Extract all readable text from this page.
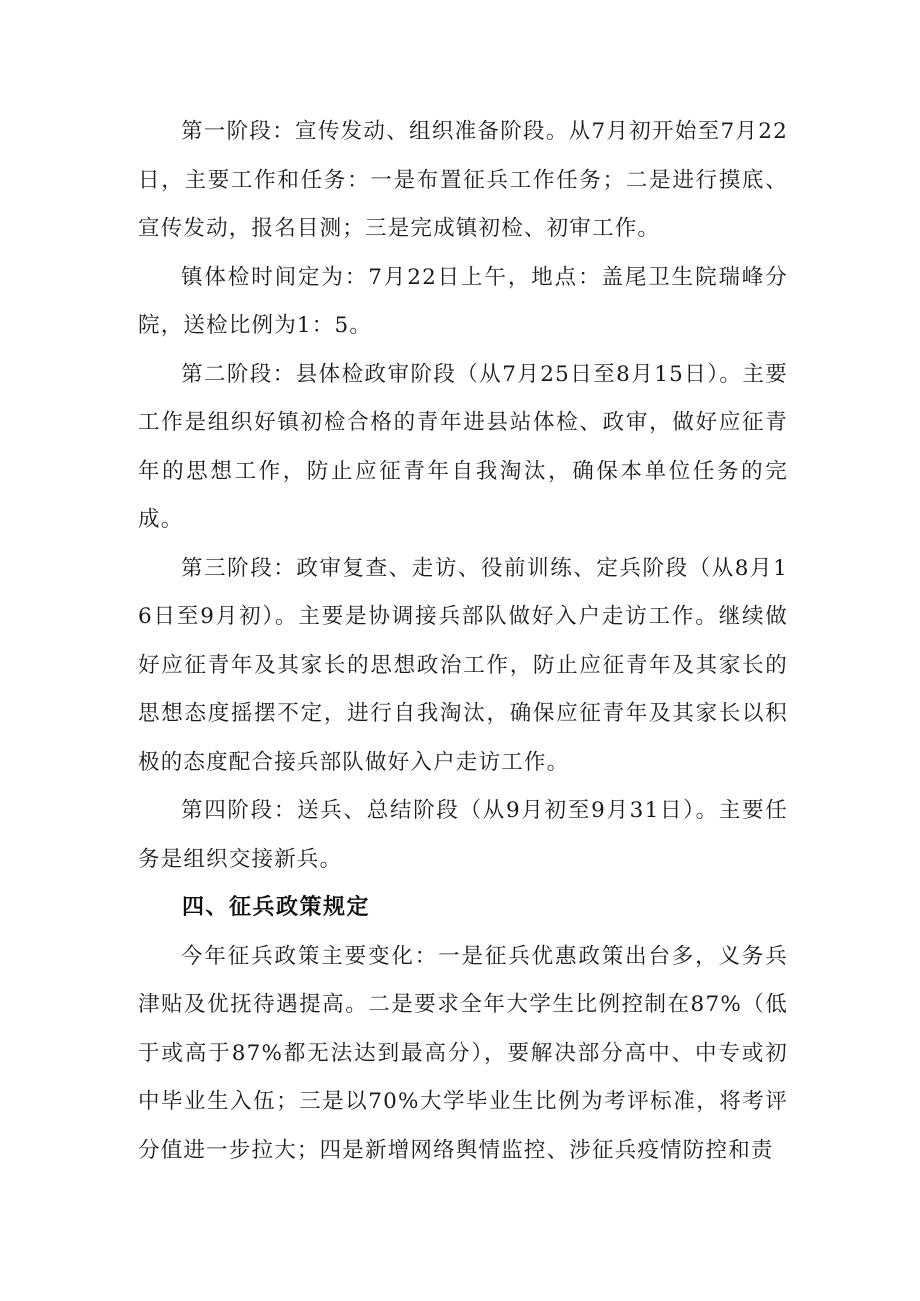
第一阶段：宣传发动、组织准备阶段。从7月初开始至7月22日，主要工作和任务：一是布置征兵工作任务；二是进行摸底、宣传发动，报名目测；三是完成镇初检、初审工作。

镇体检时间定为：7月22日上午，地点：盖尾卫生院瑞峰分院，送检比例为1：5。

第二阶段：县体检政审阶段（从7月25日至8月15日）。主要工作是组织好镇初检合格的青年进县站体检、政审，做好应征青年的思想工作，防止应征青年自我淘汰，确保本单位任务的完成。

第三阶段：政审复查、走访、役前训练、定兵阶段（从8月16日至9月初）。主要是协调接兵部队做好入户走访工作。继续做好应征青年及其家长的思想政治工作，防止应征青年及其家长的思想态度摇摆不定，进行自我淘汰，确保应征青年及其家长以积极的态度配合接兵部队做好入户走访工作。

第四阶段：送兵、总结阶段（从9月初至9月31日）。主要任务是组织交接新兵。

四、征兵政策规定

今年征兵政策主要变化：一是征兵优惠政策出台多，义务兵津贴及优抚待遇提高。二是要求全年大学生比例控制在87%（低于或高于87%都无法达到最高分），要解决部分高中、中专或初中毕业生入伍；三是以70%大学毕业生比例为考评标准，将考评分值进一步拉大；四是新增网络舆情监控、涉征兵疫情防控和责
